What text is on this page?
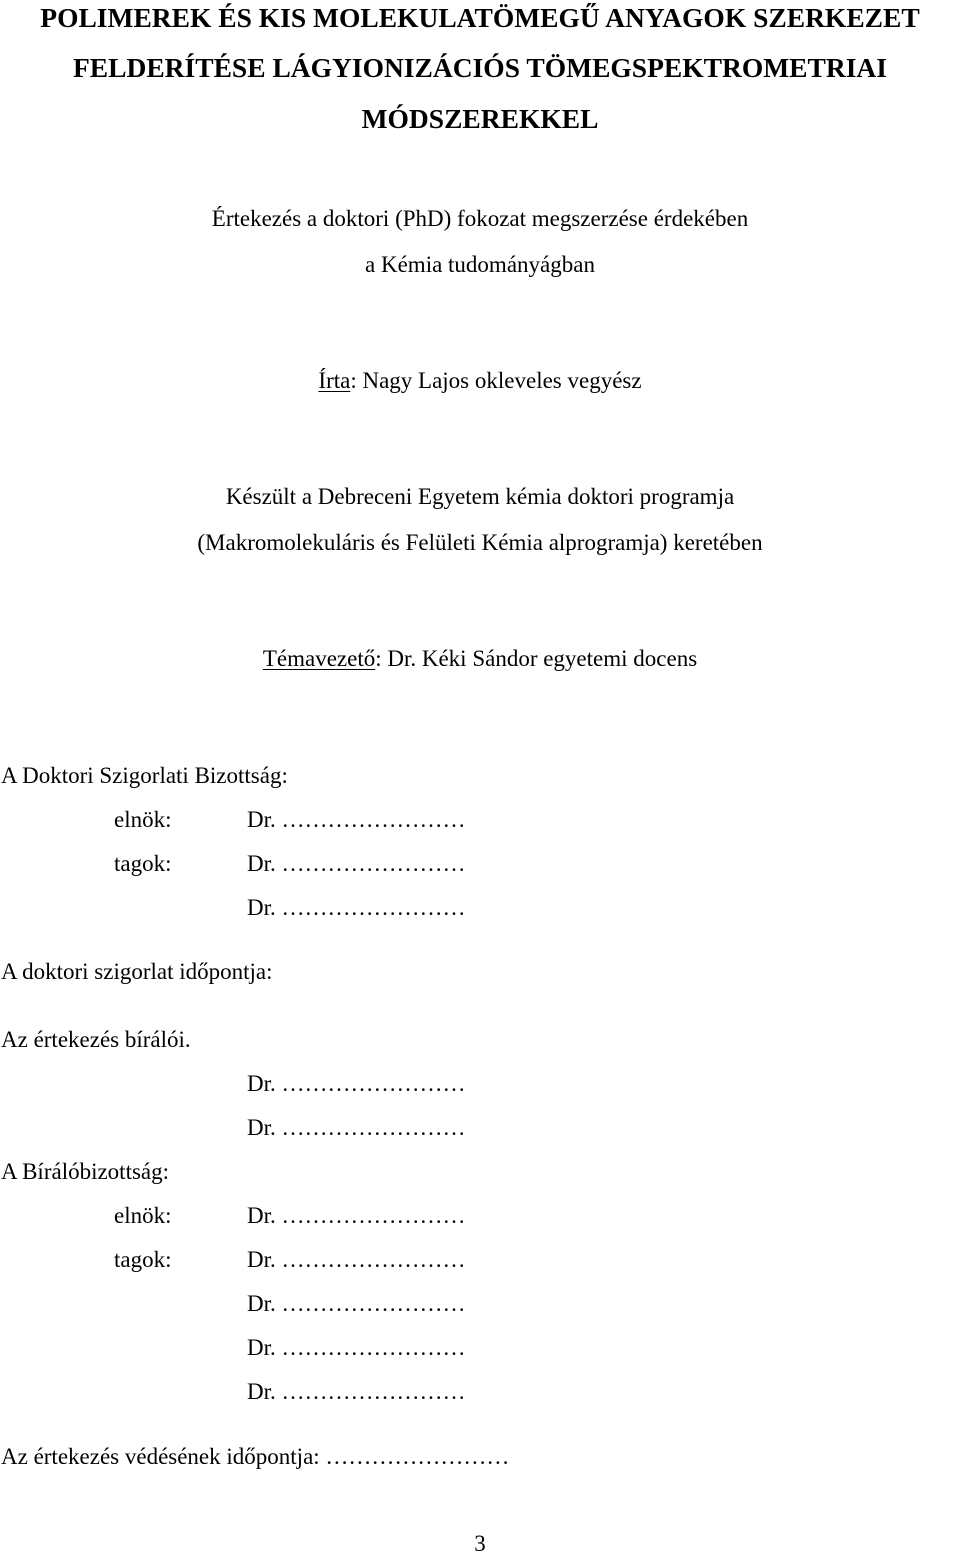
POLIMEREK ÉS KIS MOLEKULATÖMEGŰ ANYAGOK SZERKEZET
FELDERÍTÉSE LÁGYIONIZÁCIÓS TÖMEGSPEKTROMETRIAI
MÓDSZEREKKEL
Értekezés a doktori (PhD) fokozat megszerzése érdekében
a Kémia tudományágban
Írta: Nagy Lajos okleveles vegyész
Készült a Debreceni Egyetem kémia doktori programja
(Makromolekuláris és Felületi Kémia alprogramja) keretében
Témavezető: Dr. Kéki Sándor egyetemi docens
A Doktori Szigorlati Bizottság:
elnök:	Dr. ……………………
tagok:	Dr. ……………………
Dr. ……………………
A doktori szigorlat időpontja:
Az értekezés bírálói.
Dr. ……………………
Dr. ……………………
A Bírálóbizottság:
elnök:	Dr. ……………………
tagok:	Dr. ……………………
Dr. ……………………
Dr. ……………………
Dr. ……………………
Az értekezés védésének időpontja: ……………………
3
